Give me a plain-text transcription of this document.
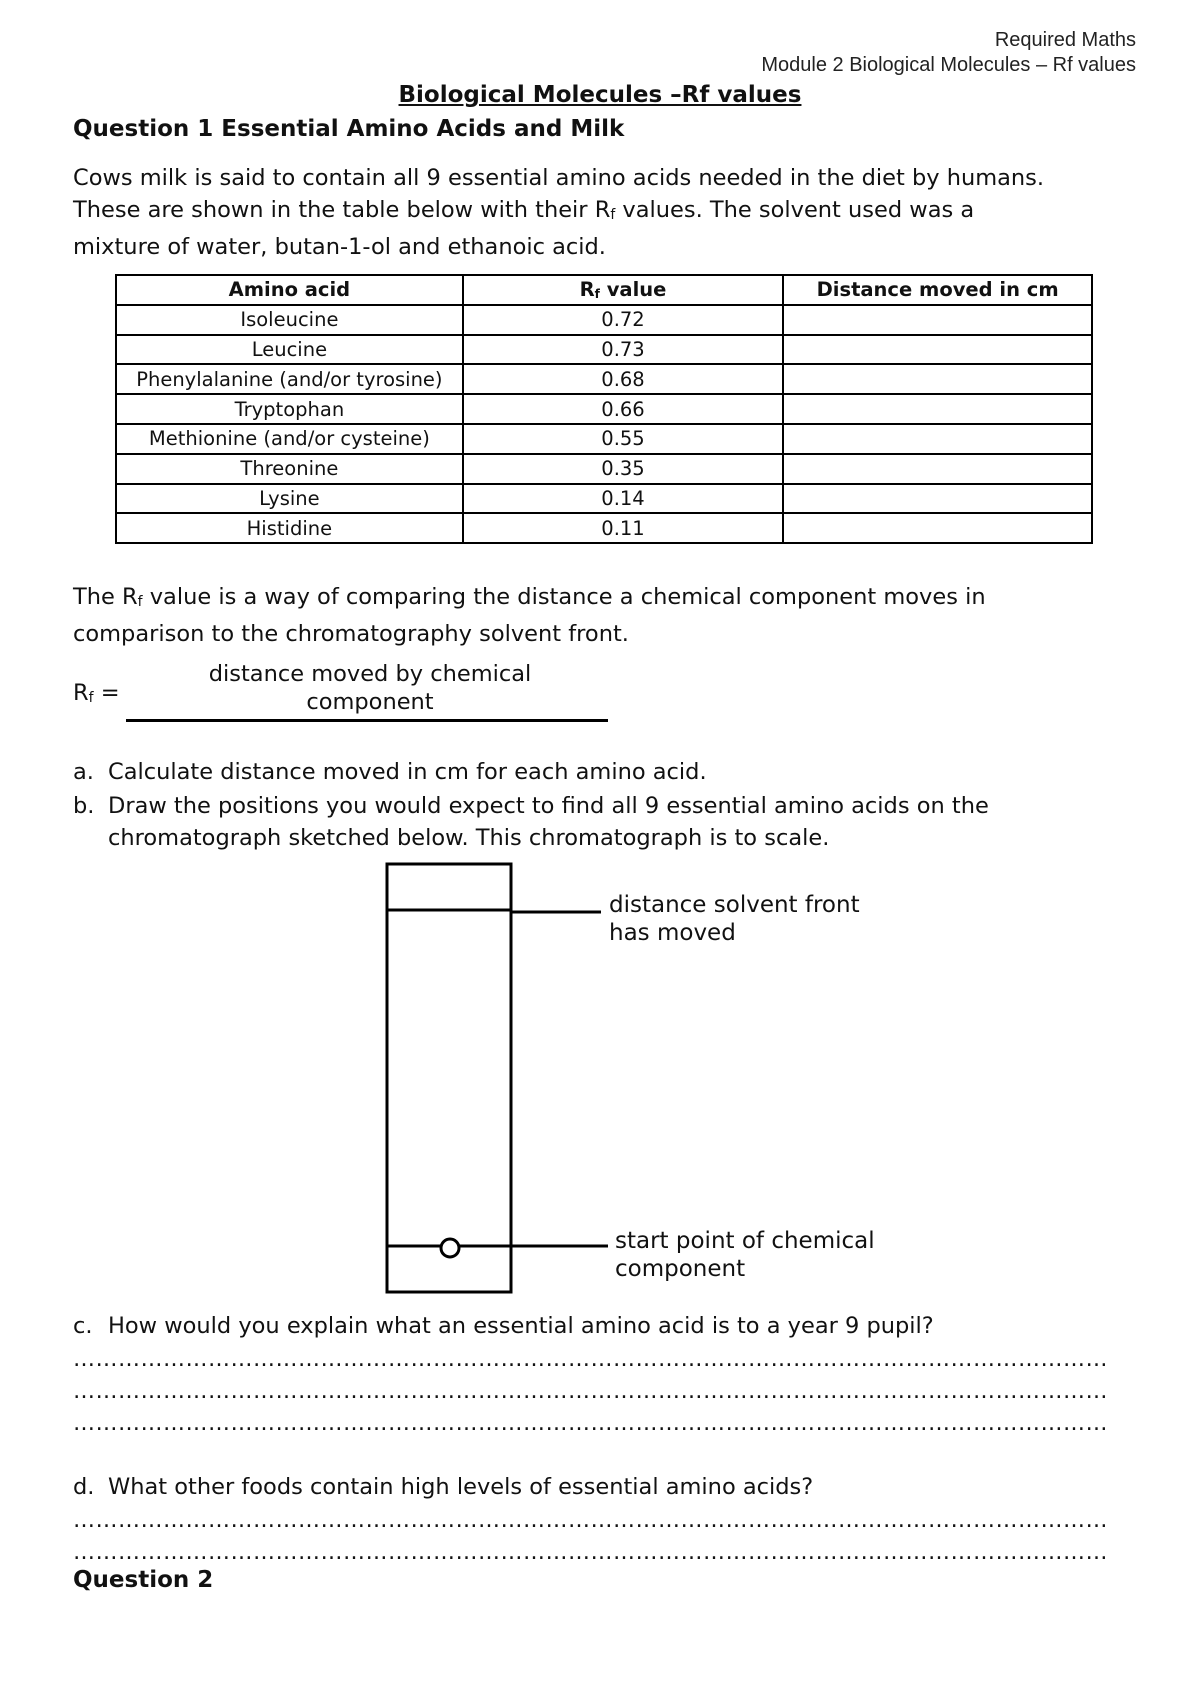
Required Maths
Module 2 Biological Molecules – Rf values
Biological Molecules –Rf values
Question 1 Essential Amino Acids and Milk
Cows milk is said to contain all 9 essential amino acids needed in the diet by humans.
These are shown in the table below with their $R_f$ values. The solvent used was a
mixture of water, butan-1-ol and ethanoic acid.
Amino acid	$R_f$ value	Distance moved in cm
Isoleucine	0.72	
Leucine	0.73	
Phenylalanine (and/or tyrosine)	0.68	
Tryptophan	0.66	
Methionine (and/or cysteine)	0.55	
Threonine	0.35	
Lysine	0.14	
Histidine	0.11	
The $R_f$ value is a way of comparing the distance a chemical component moves in
comparison to the chromatography solvent front.
$R_f$ =
distance moved by chemical
component
a. Calculate distance moved in cm for each amino acid.
b. Draw the positions you would expect to find all 9 essential amino acids on the
chromatograph sketched below. This chromatograph is to scale.
distance solvent front
has moved
start point of chemical
component
c. How would you explain what an essential amino acid is to a year 9 pupil?
…………………………………………………………………………………………………………………………
…………………………………………………………………………………………………………………………
…………………………………………………………………………………………………………………………
d. What other foods contain high levels of essential amino acids?
…………………………………………………………………………………………………………………………
…………………………………………………………………………………………………………………………
Question 2
